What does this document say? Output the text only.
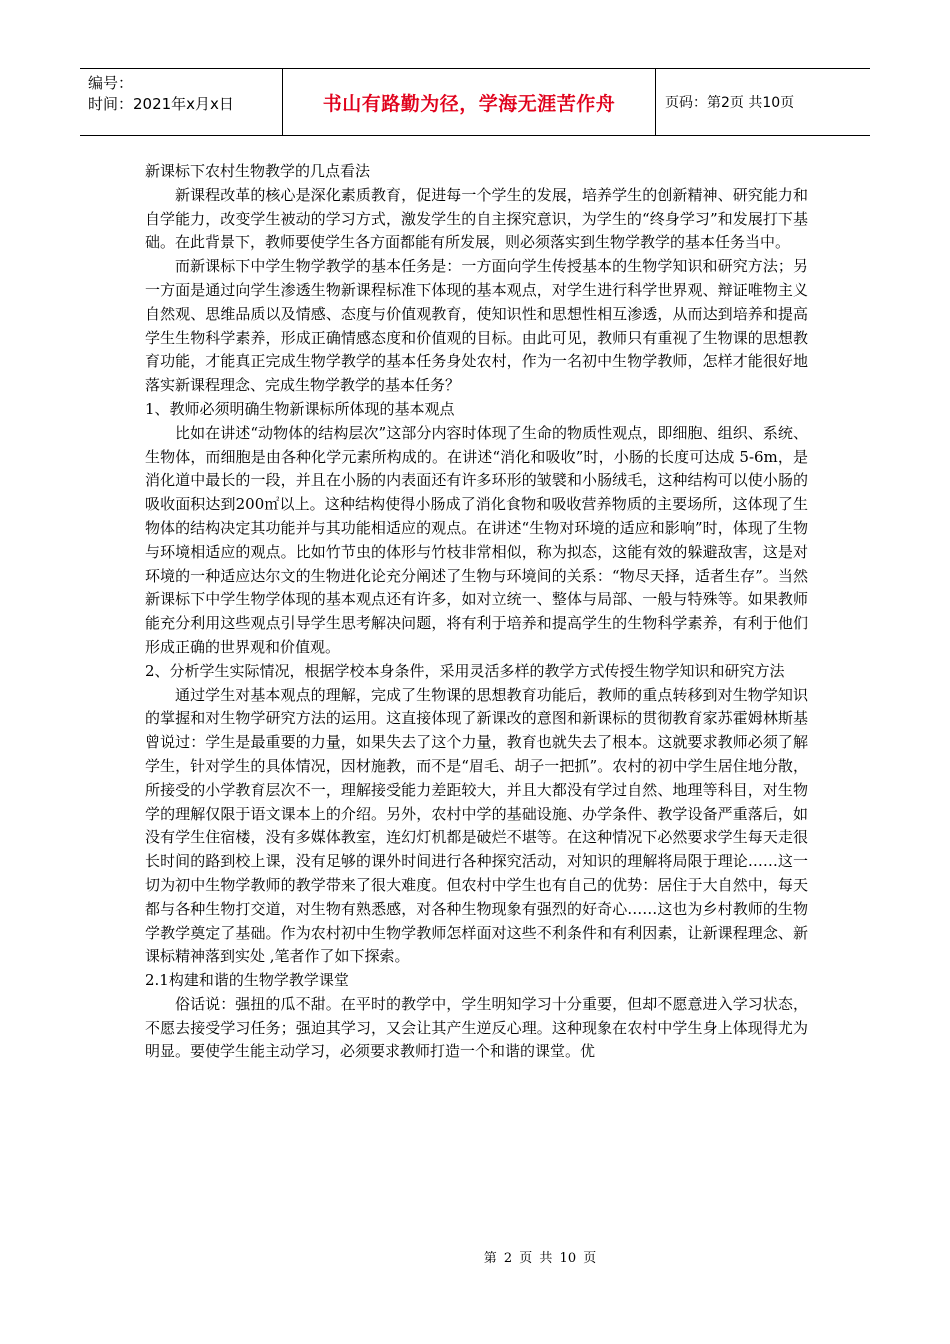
编号：
时间：2021年x月x日	书山有路勤为径，学海无涯苦作舟	页码：第2页 共10页

新课标下农村生物教学的几点看法

新课程改革的核心是深化素质教育，促进每一个学生的发展，培养学生的创新精神、研究能力和自学能力，改变学生被动的学习方式，激发学生的自主探究意识，为学生的“终身学习”和发展打下基础。在此背景下，教师要使学生各方面都能有所发展，则必须落实到生物学教学的基本任务当中。

而新课标下中学生物学教学的基本任务是：一方面向学生传授基本的生物学知识和研究方法；另一方面是通过向学生渗透生物新课程标准下体现的基本观点，对学生进行科学世界观、辩证唯物主义自然观、思维品质以及情感、态度与价值观教育，使知识性和思想性相互渗透，从而达到培养和提高学生生物科学素养，形成正确情感态度和价值观的目标。由此可见，教师只有重视了生物课的思想教育功能，才能真正完成生物学教学的基本任务身处农村，作为一名初中生物学教师，怎样才能很好地落实新课程理念、完成生物学教学的基本任务？

1、教师必须明确生物新课标所体现的基本观点

比如在讲述“动物体的结构层次”这部分内容时体现了生命的物质性观点，即细胞、组织、系统、生物体，而细胞是由各种化学元素所构成的。在讲述“消化和吸收”时，小肠的长度可达成 5-6m，是消化道中最长的一段，并且在小肠的内表面还有许多环形的皱襞和小肠绒毛，这种结构可以使小肠的吸收面积达到200㎡以上。这种结构使得小肠成了消化食物和吸收营养物质的主要场所，这体现了生物体的结构决定其功能并与其功能相适应的观点。在讲述“生物对环境的适应和影响”时，体现了生物与环境相适应的观点。比如竹节虫的体形与竹枝非常相似，称为拟态，这能有效的躲避敌害，这是对环境的一种适应达尔文的生物进化论充分阐述了生物与环境间的关系：“物尽天择，适者生存”。当然新课标下中学生物学体现的基本观点还有许多，如对立统一、整体与局部、一般与特殊等。如果教师能充分利用这些观点引导学生思考解决问题，将有利于培养和提高学生的生物科学素养，有利于他们形成正确的世界观和价值观。

2、分析学生实际情况，根据学校本身条件，采用灵活多样的教学方式传授生物学知识和研究方法

通过学生对基本观点的理解，完成了生物课的思想教育功能后，教师的重点转移到对生物学知识的掌握和对生物学研究方法的运用。这直接体现了新课改的意图和新课标的贯彻教育家苏霍姆林斯基曾说过：学生是最重要的力量，如果失去了这个力量，教育也就失去了根本。这就要求教师必须了解学生，针对学生的具体情况，因材施教，而不是“眉毛、胡子一把抓”。农村的初中学生居住地分散，所接受的小学教育层次不一，理解接受能力差距较大，并且大都没有学过自然、地理等科目，对生物学的理解仅限于语文课本上的介绍。另外，农村中学的基础设施、办学条件、教学设备严重落后，如没有学生住宿楼，没有多媒体教室，连幻灯机都是破烂不堪等。在这种情况下必然要求学生每天走很长时间的路到校上课，没有足够的课外时间进行各种探究活动，对知识的理解将局限于理论……这一切为初中生物学教师的教学带来了很大难度。但农村中学生也有自己的优势：居住于大自然中，每天都与各种生物打交道，对生物有熟悉感，对各种生物现象有强烈的好奇心……这也为乡村教师的生物学教学奠定了基础。作为农村初中生物学教师怎样面对这些不利条件和有利因素，让新课程理念、新课标精神落到实处 ,笔者作了如下探索。

2.1构建和谐的生物学教学课堂

俗话说：强扭的瓜不甜。在平时的教学中，学生明知学习十分重要，但却不愿意进入学习状态，不愿去接受学习任务；强迫其学习，又会让其产生逆反心理。这种现象在农村中学生身上体现得尤为明显。要使学生能主动学习，必须要求教师打造一个和谐的课堂。优

第 2 页 共 10 页
